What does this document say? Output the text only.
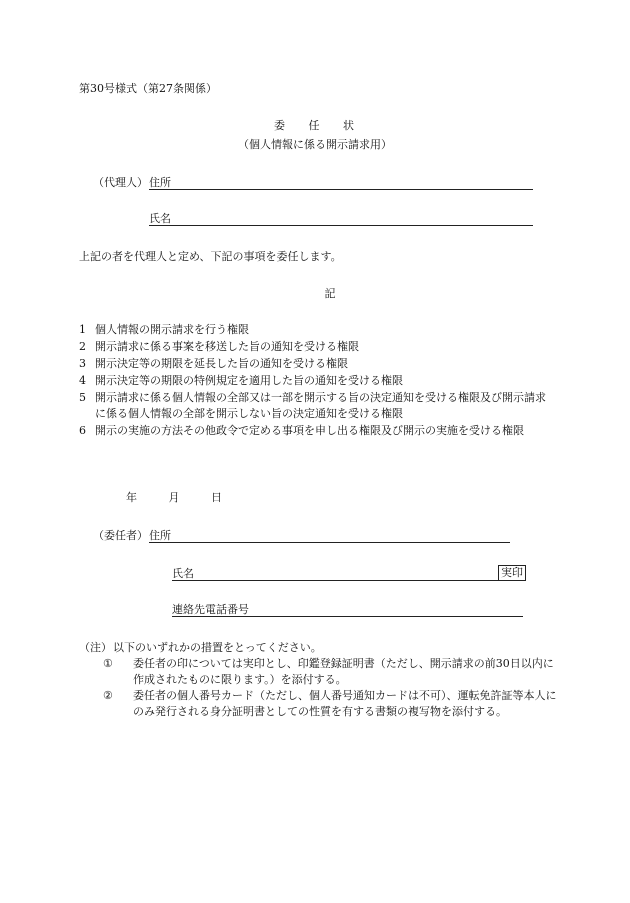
第30号様式（第27条関係）
委 任 状
（個人情報に係る開示請求用）
（代理人） 住所
氏名
上記の者を代理人と定め、下記の事項を委任します。
記
1 個人情報の開示請求を行う権限
2 開示請求に係る事案を移送した旨の通知を受ける権限
3 開示決定等の期限を延長した旨の通知を受ける権限
4 開示決定等の期限の特例規定を適用した旨の通知を受ける権限
5 開示請求に係る個人情報の全部又は一部を開示する旨の決定通知を受ける権限及び開示請求に係る個人情報の全部を開示しない旨の決定通知を受ける権限
6 開示の実施の方法その他政令で定める事項を申し出る権限及び開示の実施を受ける権限
年	月	日
（委任者） 住所
氏名	実印
連絡先電話番号
（注） 以下のいずれかの措置をとってください。
①	委任者の印については実印とし、印鑑登録証明書（ただし、開示請求の前30日以内に作成されたものに限ります。）を添付する。
②	委任者の個人番号カード（ただし、個人番号通知カードは不可）、運転免許証等本人にのみ発行される身分証明書としての性質を有する書類の複写物を添付する。
